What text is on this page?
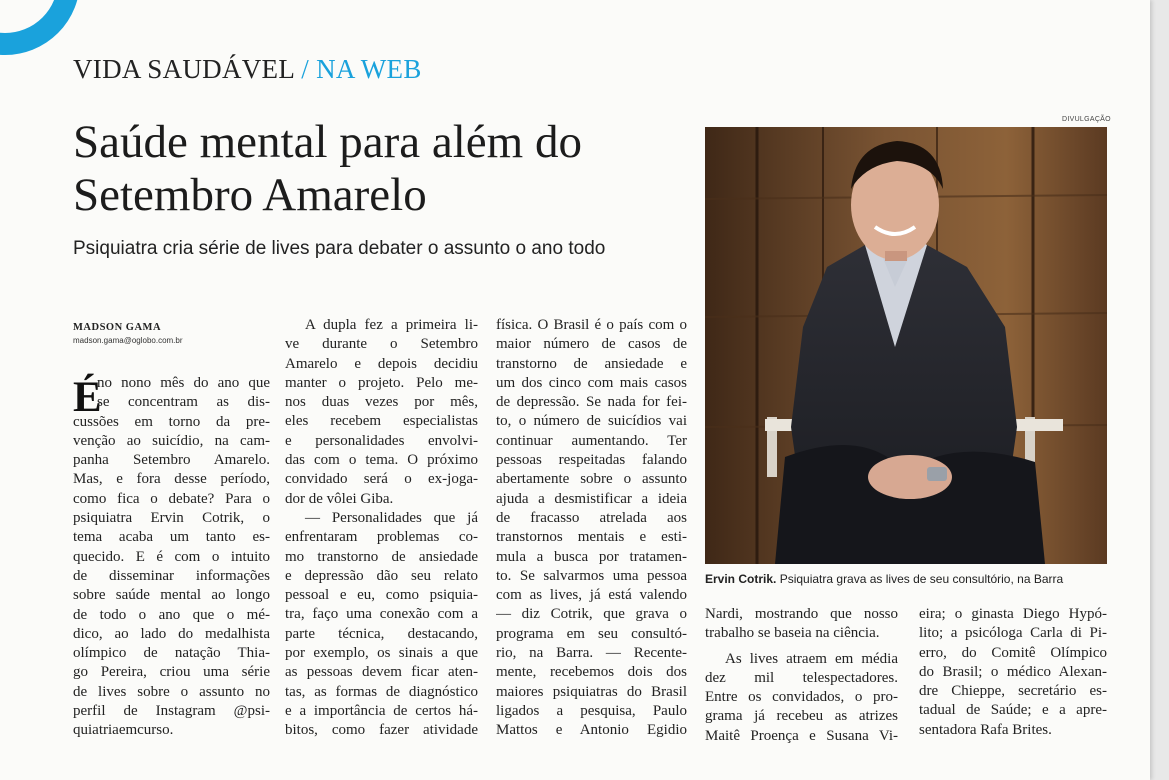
VIDA SAUDÁVEL / NA WEB
Saúde mental para além do Setembro Amarelo
Psiquiatra cria série de lives para debater o assunto o ano todo
MADSON GAMA
madson.gama@oglobo.com.br
DIVULGAÇÃO
Ervin Cotrik. Psiquiatra grava as lives de seu consultório, na Barra
É
no nono mês do ano que
se concentram as dis-
cussões em torno da pre-
venção ao suicídio, na cam-
panha Setembro Amarelo.
Mas, e fora desse período,
como fica o debate? Para o
psiquiatra Ervin Cotrik, o
tema acaba um tanto es-
quecido. E é com o intuito
de disseminar informações
sobre saúde mental ao longo
de todo o ano que o mé-
dico, ao lado do medalhista
olímpico de natação Thia-
go Pereira, criou uma série
de lives sobre o assunto no
perfil de Instagram @psi-
quiatriaemcurso.
A dupla fez a primeira li-
ve durante o Setembro
Amarelo e depois decidiu
manter o projeto. Pelo me-
nos duas vezes por mês,
eles recebem especialistas
e personalidades envolvi-
das com o tema. O próximo
convidado será o ex-joga-
dor de vôlei Giba.
— Personalidades que já
enfrentaram problemas co-
mo transtorno de ansiedade
e depressão dão seu relato
pessoal e eu, como psiquia-
tra, faço uma conexão com a
parte técnica, destacando,
por exemplo, os sinais a que
as pessoas devem ficar aten-
tas, as formas de diagnóstico
e a importância de certos há-
bitos, como fazer atividade
física. O Brasil é o país com o
maior número de casos de
transtorno de ansiedade e
um dos cinco com mais casos
de depressão. Se nada for fei-
to, o número de suicídios vai
continuar aumentando. Ter
pessoas respeitadas falando
abertamente sobre o assunto
ajuda a desmistificar a ideia
de fracasso atrelada aos
transtornos mentais e esti-
mula a busca por tratamen-
to. Se salvarmos uma pessoa
com as lives, já está valendo
— diz Cotrik, que grava o
programa em seu consultó-
rio, na Barra. — Recente-
mente, recebemos dois dos
maiores psiquiatras do Brasil
ligados a pesquisa, Paulo
Mattos e Antonio Egidio
Nardi, mostrando que nosso
trabalho se baseia na ciência.
As lives atraem em média
dez mil telespectadores.
Entre os convidados, o pro-
grama já recebeu as atrizes
Maitê Proença e Susana Vi-
eira; o ginasta Diego Hypó-
lito; a psicóloga Carla di Pi-
erro, do Comitê Olímpico
do Brasil; o médico Alexan-
dre Chieppe, secretário es-
tadual de Saúde; e a apre-
sentadora Rafa Brites.
